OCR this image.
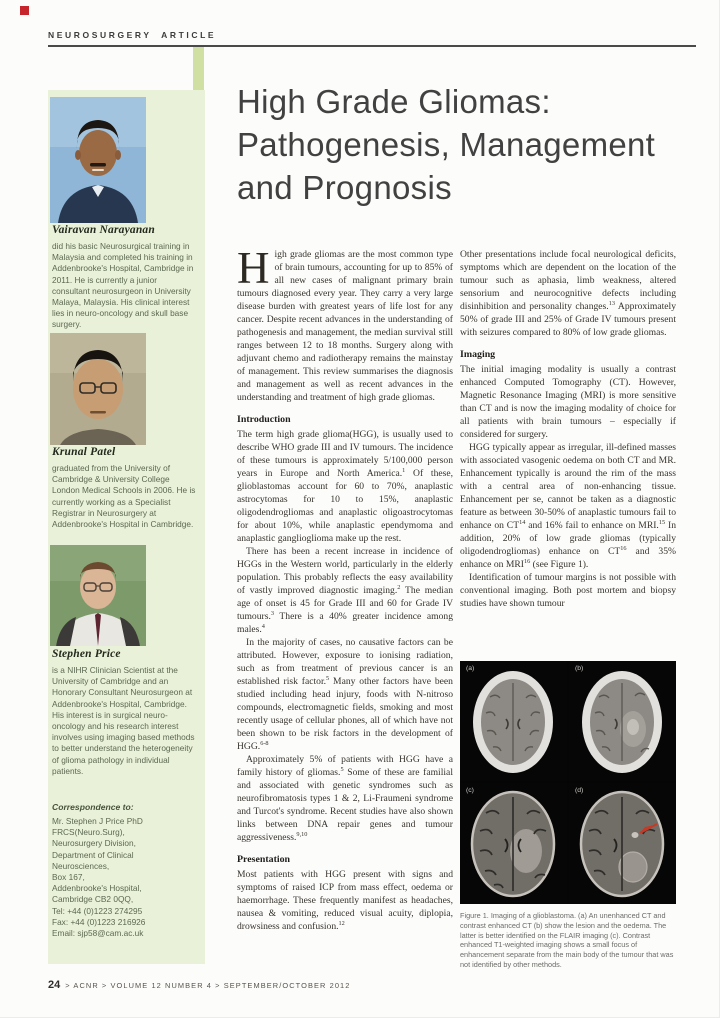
NEUROSURGERY ARTICLE
Vairavan Narayanan
did his basic Neurosurgical training in Malaysia and completed his training in Addenbrooke's Hospital, Cambridge in 2011. He is currently a junior consultant neurosurgeon in University Malaya, Malaysia. His clinical interest lies in neuro-oncology and skull base surgery.
Krunal Patel
graduated from the University of Cambridge & University College London Medical Schools in 2006. He is currently working as a Specialist Registrar in Neurosurgery at Addenbrooke's Hospital in Cambridge.
Stephen Price
is a NIHR Clinician Scientist at the University of Cambridge and an Honorary Consultant Neurosurgeon at Addenbrooke's Hospital, Cambridge. His interest is in surgical neuro-oncology and his research interest involves using imaging based methods to better understand the heterogeneity of glioma pathology in individual patients.
Correspondence to:
Mr. Stephen J Price PhD
FRCS(Neuro.Surg),
Neurosurgery Division,
Department of Clinical
Neurosciences,
Box 167,
Addenbrooke's Hospital,
Cambridge CB2 0QQ,
Tel: +44 (0)1223 274295
Fax: +44 (0)1223 216926
Email: sjp58@cam.ac.uk
High Grade Gliomas:
Pathogenesis, Management
and Prognosis

High grade gliomas are the most common type of brain tumours, accounting for up to 85% of all new cases of malignant primary brain tumours diagnosed every year. They carry a very large disease burden with greatest years of life lost for any cancer. Despite recent advances in the understanding of pathogenesis and management, the median survival still ranges between 12 to 18 months. Surgery along with adjuvant chemo and radiotherapy remains the mainstay of management. This review summarises the diagnosis and management as well as recent advances in the understanding and treatment of high grade gliomas.

Introduction

The term high grade glioma(HGG), is usually used to describe WHO grade III and IV tumours. The incidence of these tumours is approximately 5/100,000 person years in Europe and North America.$^1$ Of these, glioblastomas account for 60 to 70%, anaplastic astrocytomas for 10 to 15%, anaplastic oligodendrogliomas and anaplastic oligoastrocytomas for about 10%, while anaplastic ependymoma and anaplastic ganglioglioma make up the rest.

There has been a recent increase in incidence of HGGs in the Western world, particularly in the elderly population. This probably reflects the easy availability of vastly improved diagnostic imaging.$^2$ The median age of onset is 45 for Grade III and 60 for Grade IV tumours.$^3$ There is a 40% greater incidence among males.$^4$

In the majority of cases, no causative factors can be attributed. However, exposure to ionising radiation, such as from treatment of previous cancer is an established risk factor.$^5$ Many other factors have been studied including head injury, foods with N-nitroso compounds, electromagnetic fields, smoking and most recently usage of cellular phones, all of which have not been shown to be risk factors in the development of HGG.$^{6-8}$

Approximately 5% of patients with HGG have a family history of gliomas.$^5$ Some of these are familial and associated with genetic syndromes such as neurofibromatosis types 1 & 2, Li-Fraumeni syndrome and Turcot's syndrome. Recent studies have also shown links between DNA repair genes and tumour aggressiveness.$^{9,10}$

Presentation

Most patients with HGG present with signs and symptoms of raised ICP from mass effect, oedema or haemorrhage. These frequently manifest as headaches, nausea & vomiting, reduced visual acuity, diplopia, drowsiness and confusion.$^{12}$

Other presentations include focal neurological deficits, symptoms which are dependent on the location of the tumour such as aphasia, limb weakness, altered sensorium and neurocognitive defects including disinhibition and personality changes.$^{13}$ Approximately 50% of grade III and 25% of Grade IV tumours present with seizures compared to 80% of low grade gliomas.

Imaging

The initial imaging modality is usually a contrast enhanced Computed Tomography (CT). However, Magnetic Resonance Imaging (MRI) is more sensitive than CT and is now the imaging modality of choice for all patients with brain tumours – especially if considered for surgery.

HGG typically appear as irregular, ill-defined masses with associated vasogenic oedema on both CT and MR. Enhancement typically is around the rim of the mass with a central area of non-enhancing tissue. Enhancement per se, cannot be taken as a diagnostic feature as between 30-50% of anaplastic tumours fail to enhance on CT$^{14}$ and 16% fail to enhance on MRI.$^{15}$ In addition, 20% of low grade gliomas (typically oligodendrogliomas) enhance on CT$^{16}$ and 35% enhance on MRI$^{16}$ (see Figure 1).

Identification of tumour margins is not possible with conventional imaging. Both post mortem and biopsy studies have shown tumour

(a)	(b)
(c)	(d)
Figure 1. Imaging of a glioblastoma. (a) An unenhanced CT and contrast enhanced CT (b) show the lesion and the oedema. The latter is better identified on the FLAIR imaging (c). Contrast enhanced T1-weighted imaging shows a small focus of enhancement separate from the main body of the tumour that was not identified by other methods.
24 > ACNR > VOLUME 12 NUMBER 4 > SEPTEMBER/OCTOBER 2012
